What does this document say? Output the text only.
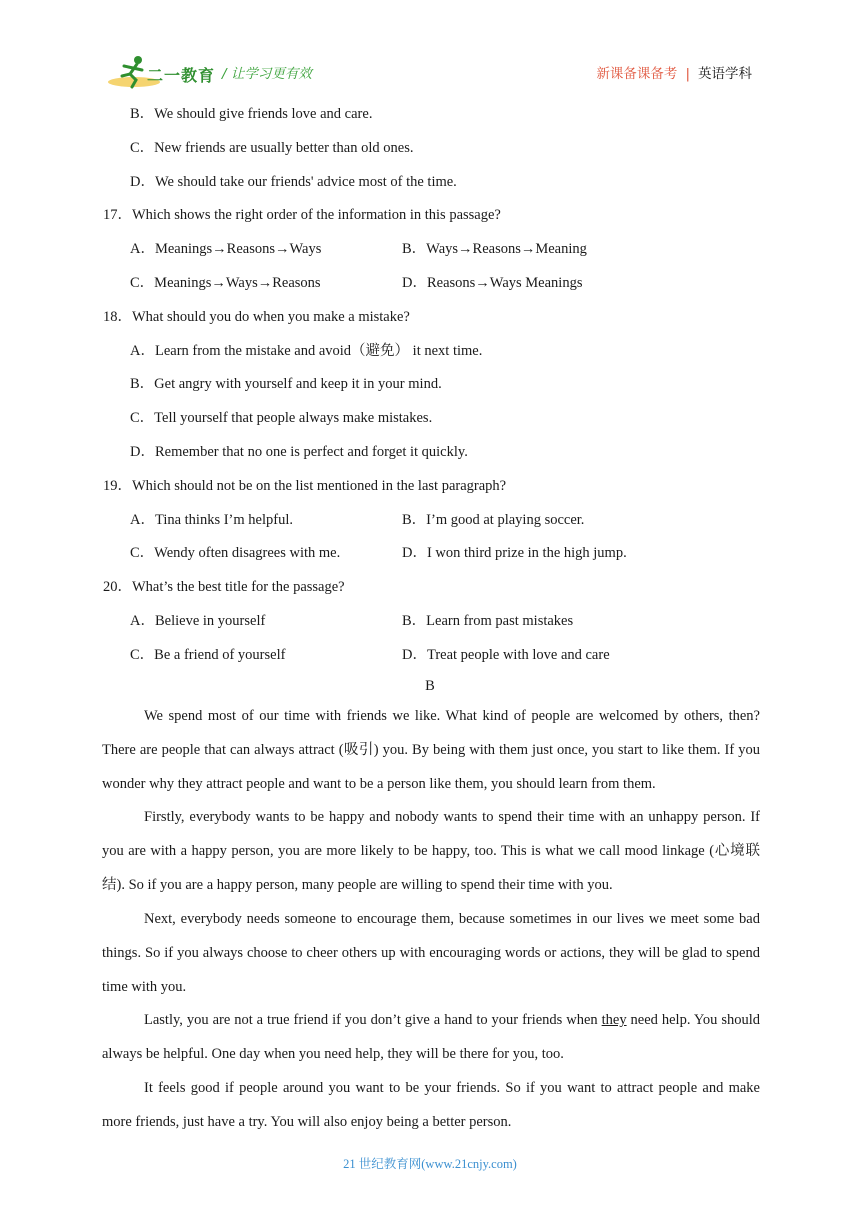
二一教育 / 让学习更有效	新课备课备考 | 英语学科
B．We should give friends love and care.
C．New friends are usually better than old ones.
D．We should take our friends' advice most of the time.
17．Which shows the right order of the information in this passage?
A．Meanings→Reasons→Ways	B．Ways→Reasons→Meaning
C．Meanings→Ways→Reasons	D．Reasons→Ways Meanings
18．What should you do when you make a mistake?
A．Learn from the mistake and avoid（避免） it next time.
B．Get angry with yourself and keep it in your mind.
C．Tell yourself that people always make mistakes.
D．Remember that no one is perfect and forget it quickly.
19．Which should not be on the list mentioned in the last paragraph?
A．Tina thinks I’m helpful.	B．I’m good at playing soccer.
C．Wendy often disagrees with me.	D．I won third prize in the high jump.
20．What’s the best title for the passage?
A．Believe in yourself	B．Learn from past mistakes
C．Be a friend of yourself	D．Treat people with love and care
B
We spend most of our time with friends we like. What kind of people are welcomed by others, then? There are people that can always attract (吸引) you. By being with them just once, you start to like them. If you wonder why they attract people and want to be a person like them, you should learn from them.
Firstly, everybody wants to be happy and nobody wants to spend their time with an unhappy person. If you are with a happy person, you are more likely to be happy, too. This is what we call mood linkage (心境联结). So if you are a happy person, many people are willing to spend their time with you.
Next, everybody needs someone to encourage them, because sometimes in our lives we meet some bad things. So if you always choose to cheer others up with encouraging words or actions, they will be glad to spend time with you.
Lastly, you are not a true friend if you don’t give a hand to your friends when they need help. You should always be helpful. One day when you need help, they will be there for you, too.
It feels good if people around you want to be your friends. So if you want to attract people and make more friends, just have a try. You will also enjoy being a better person.
21 世纪教育网(www.21cnjy.com)
